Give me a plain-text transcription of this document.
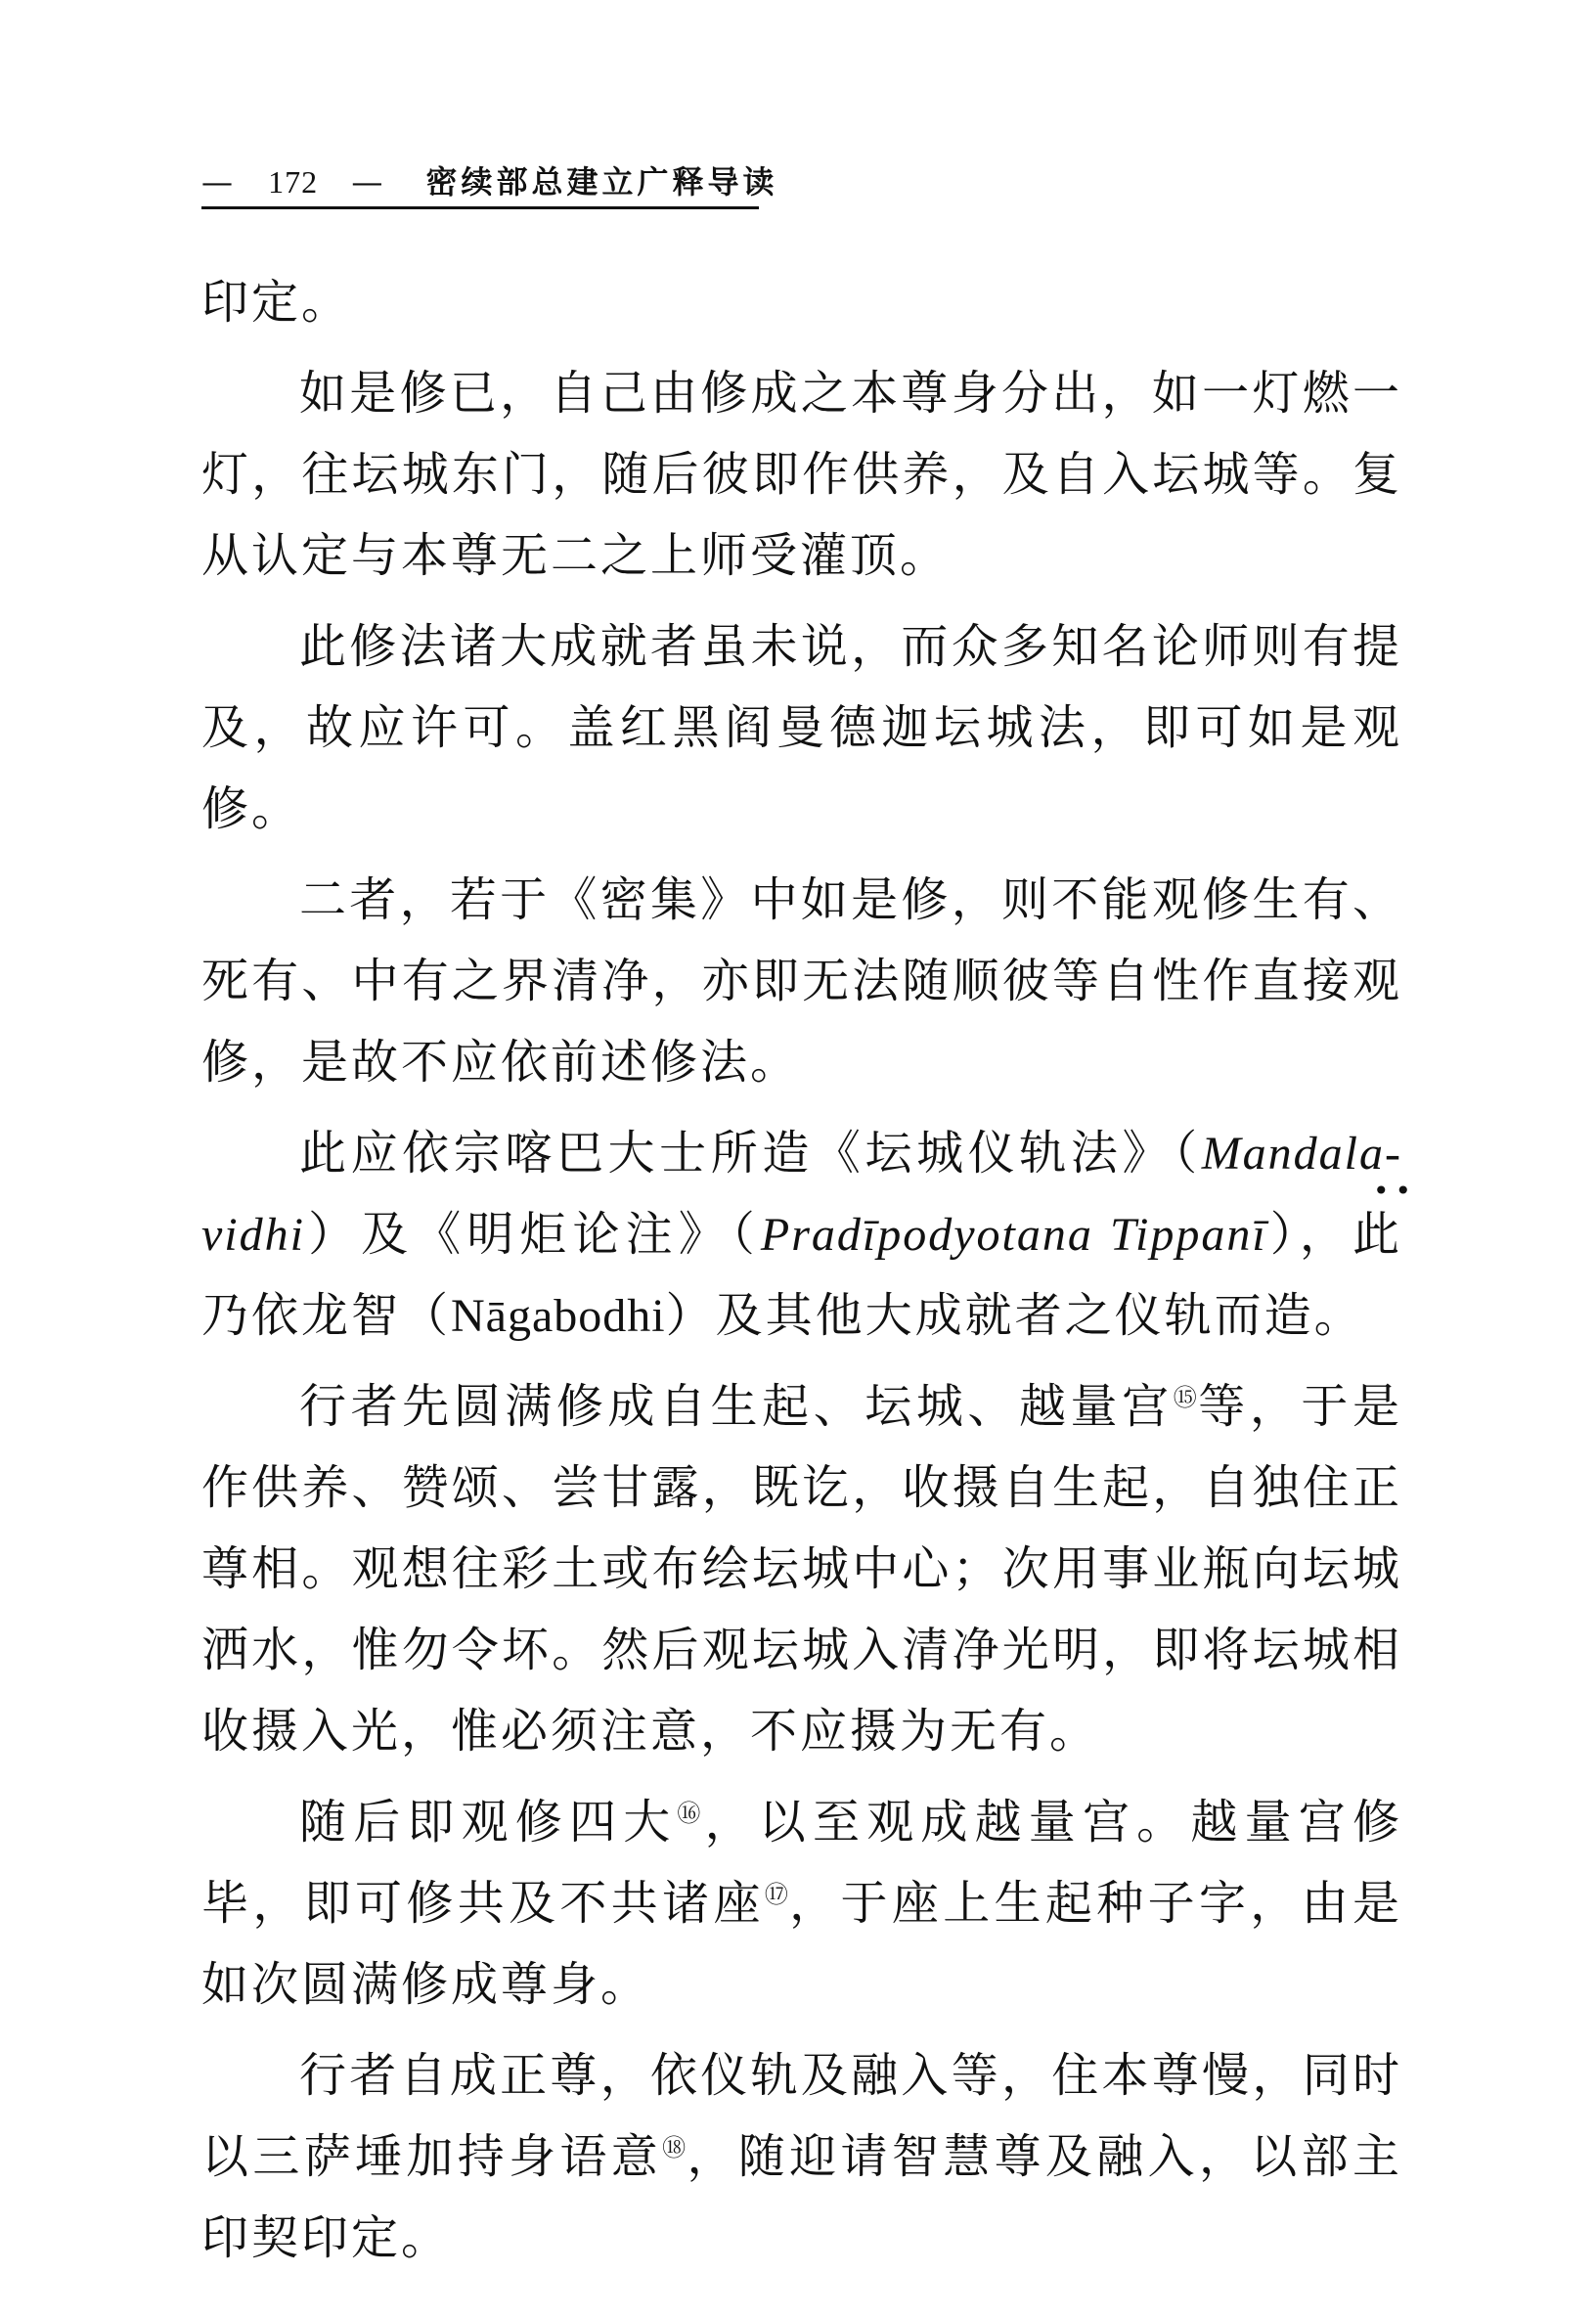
— 172 — 密续部总建立广释导读

印定。

如是修已，自己由修成之本尊身分出，如一灯燃一灯，往坛城东门，随后彼即作供养，及自入坛城等。复从认定与本尊无二之上师受灌顶。

此修法诸大成就者虽未说，而众多知名论师则有提及，故应许可。盖红黑阎曼德迦坛城法，即可如是观修。

二者，若于《密集》中如是修，则不能观修生有、死有、中有之界清净，亦即无法随顺彼等自性作直接观修，是故不应依前述修法。

此应依宗喀巴大士所造《坛城仪轨法》（Mandala-vidhi）及《明炬论注》（Pradīpodyotana Tippanī），此乃依龙智（Nāgabodhi）及其他大成就者之仪轨而造。
••

行者先圆满修成自生起、坛城、越量宫⑮等，于是作供养、赞颂、尝甘露，既讫，收摄自生起，自独住正尊相。观想往彩土或布绘坛城中心；次用事业瓶向坛城洒水，惟勿令坏。然后观坛城入清净光明，即将坛城相收摄入光，惟必须注意，不应摄为无有。

随后即观修四大⑯，以至观成越量宫。越量宫修毕，即可修共及不共诸座⑰，于座上生起种子字，由是如次圆满修成尊身。

行者自成正尊，依仪轨及融入等，住本尊慢，同时以三萨埵加持身语意⑱，随迎请智慧尊及融入，以部主印契印定。
